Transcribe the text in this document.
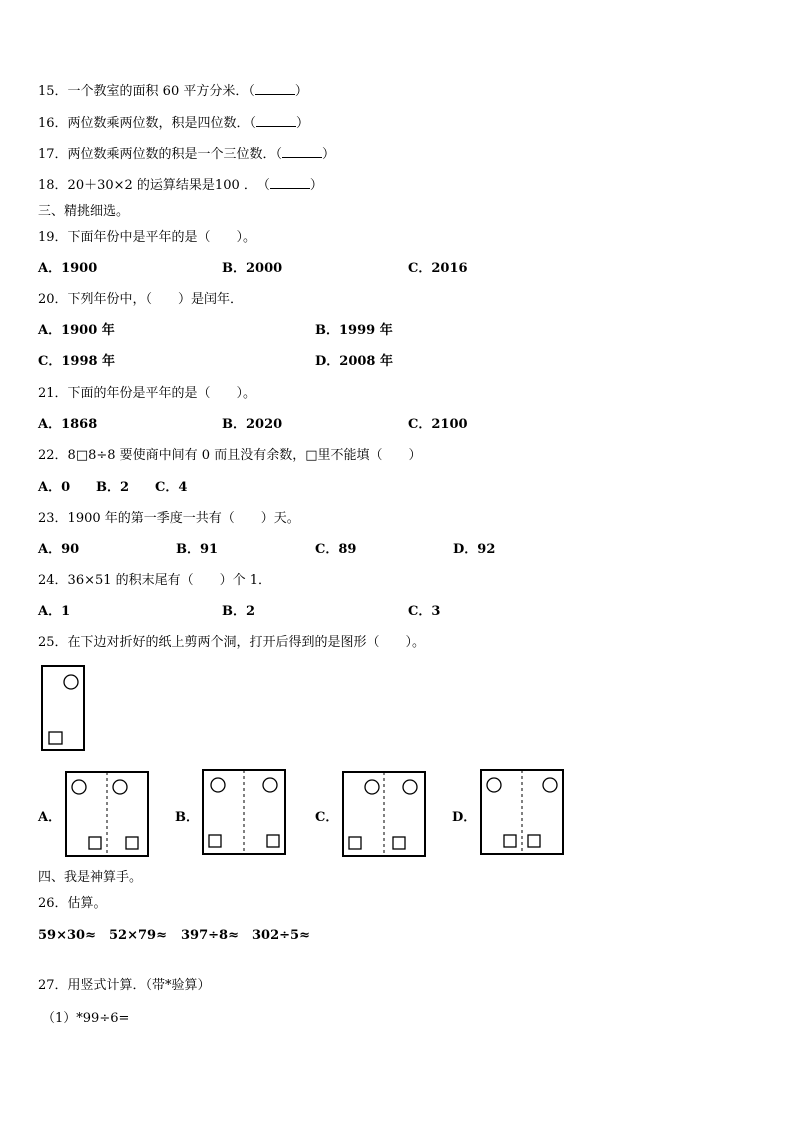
15．一个教室的面积 60 平方分米．（	）
16．两位数乘两位数，积是四位数．（	）
17．两位数乘两位数的积是一个三位数．（	）
18．20＋30×2 的运算结果是100 ．　（	）
三、精挑细选。
19．下面年份中是平年的是（　　）。
A．1900	B．2000	C．2016
20．下列年份中，（　　）是闰年．
A．1900 年	B．1999 年
C．1998 年	D．2008 年
21．下面的年份是平年的是（　　）。
A．1868	B．2020	C．2100
22．8□8÷8 要使商中间有 0 而且没有余数，□里不能填（　　）
A．0 B．2 C．4
23．1900 年的第一季度一共有（　　）天。
A．90	B．91	C．89	D．92
24．36×51 的积末尾有（　　）个 1．
A．1	B．2	C．3
25．在下边对折好的纸上剪两个洞，打开后得到的是图形（　　）。
A．	B．	C．	D．
四、我是神算手。
26．估算。
59×30≈ 52×79≈ 397÷8≈ 302÷5≈
27．用竖式计算．（带*验算）
（1）*99÷6=
